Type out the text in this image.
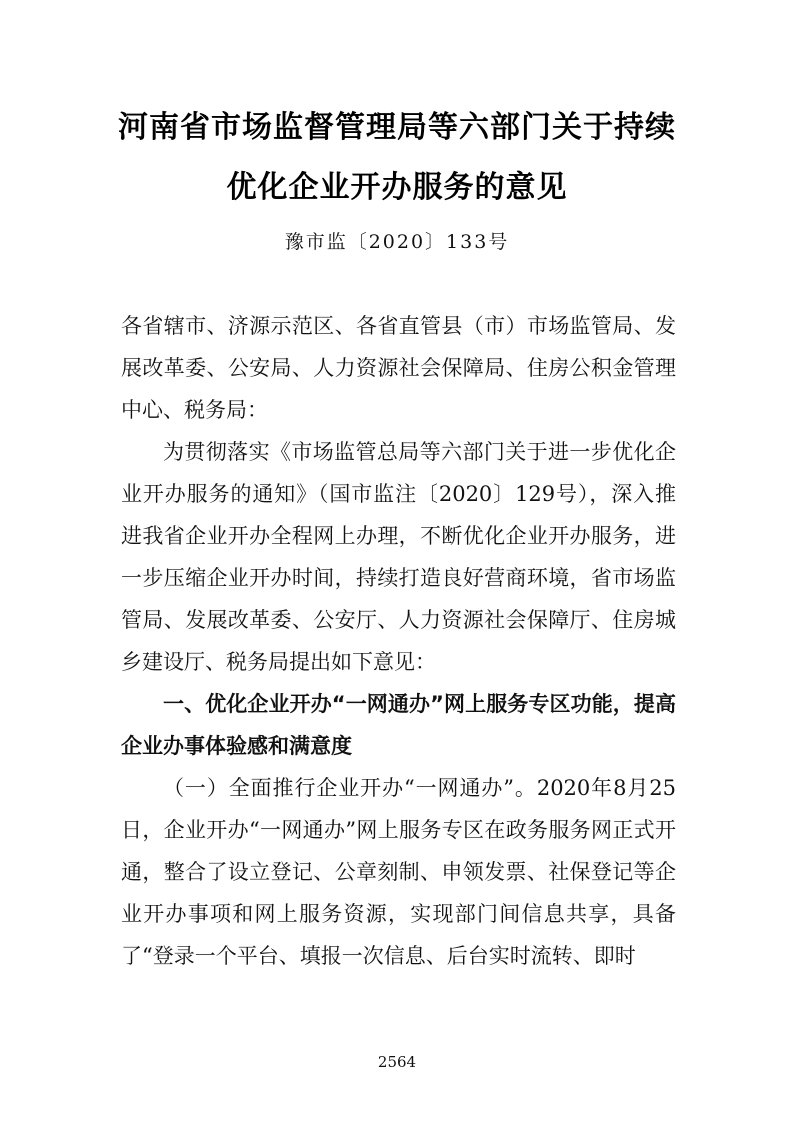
河南省市场监督管理局等六部门关于持续
优化企业开办服务的意见
豫市监〔2020〕133号

各省辖市、济源示范区、各省直管县（市）市场监管局、发展改革委、公安局、人力资源社会保障局、住房公积金管理中心、税务局：

为贯彻落实《市场监管总局等六部门关于进一步优化企业开办服务的通知》（国市监注〔2020〕129号），深入推进我省企业开办全程网上办理，不断优化企业开办服务，进一步压缩企业开办时间，持续打造良好营商环境，省市场监管局、发展改革委、公安厅、人力资源社会保障厅、住房城乡建设厅、税务局提出如下意见：

一、优化企业开办“一网通办”网上服务专区功能，提高企业办事体验感和满意度

（一）全面推行企业开办“一网通办”。2020年8月25日，企业开办“一网通办”网上服务专区在政务服务网正式开通，整合了设立登记、公章刻制、申领发票、社保登记等企业开办事项和网上服务资源，实现部门间信息共享，具备了“登录一个平台、填报一次信息、后台实时流转、即时

2564
